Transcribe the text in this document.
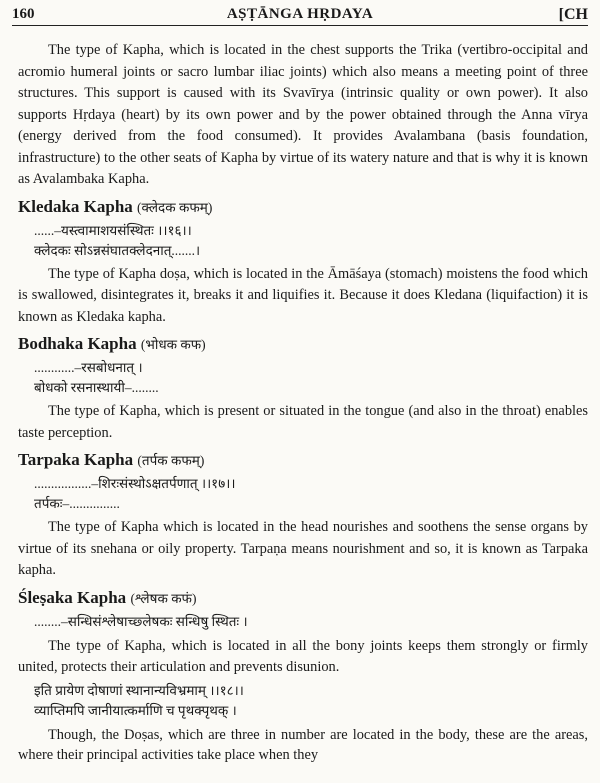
160	AṢṬĀNGA HṚDAYA	[CH

The type of Kapha, which is located in the chest supports the Trika (vertibro-occipital and acromio humeral joints or sacro lumbar iliac joints) which also means a meeting point of three structures. This support is caused with its Svavīrya (intrinsic quality or own power). It also supports Hṛdaya (heart) by its own power and by the power obtained through the Anna vīrya (energy derived from the food consumed). It provides Avalambana (basis foundation, infrastructure) to the other seats of Kapha by virtue of its watery nature and that is why it is known as Avalambaka Kapha.

Kledaka Kapha (क्लेदक कफम्)
......–यस्त्वामाशयसंस्थितः ।।१६।।
क्लेदकः सोऽन्नसंघातक्लेदनात्.......।

The type of Kapha doṣa, which is located in the Āmāśaya (stomach) moistens the food which is swallowed, disintegrates it, breaks it and liquifies it. Because it does Kledana (liquifaction) it is known as Kledaka kapha.

Bodhaka Kapha (भोधक कफ)
............–रसबोधनात् ।
बोधको रसनास्थायी–........

The type of Kapha, which is present or situated in the tongue (and also in the throat) enables taste perception.

Tarpaka Kapha (तर्पक कफम्)
.................–शिरःसंस्थोऽक्षतर्पणात् ।।१७।।
तर्पकः–...............

The type of Kapha which is located in the head nourishes and soothens the sense organs by virtue of its snehana or oily property. Tarpaṇa means nourishment and so, it is known as Tarpaka kapha.

Śleṣaka Kapha (श्लेषक कफं)
........–सन्धिसंश्लेषाच्छ्लेषकः सन्धिषु स्थितः ।

The type of Kapha, which is located in all the bony joints keeps them strongly or firmly united, protects their articulation and prevents disunion.

इति प्रायेण दोषाणां स्थानान्यविभ्रमाम् ।।१८।।
व्याप्तिमपि जानीयात्कर्माणि च पृथक्पृथक् ।

Though, the Doṣas, which are three in number are located in the body, these are the areas, where their principal activities take place when they
